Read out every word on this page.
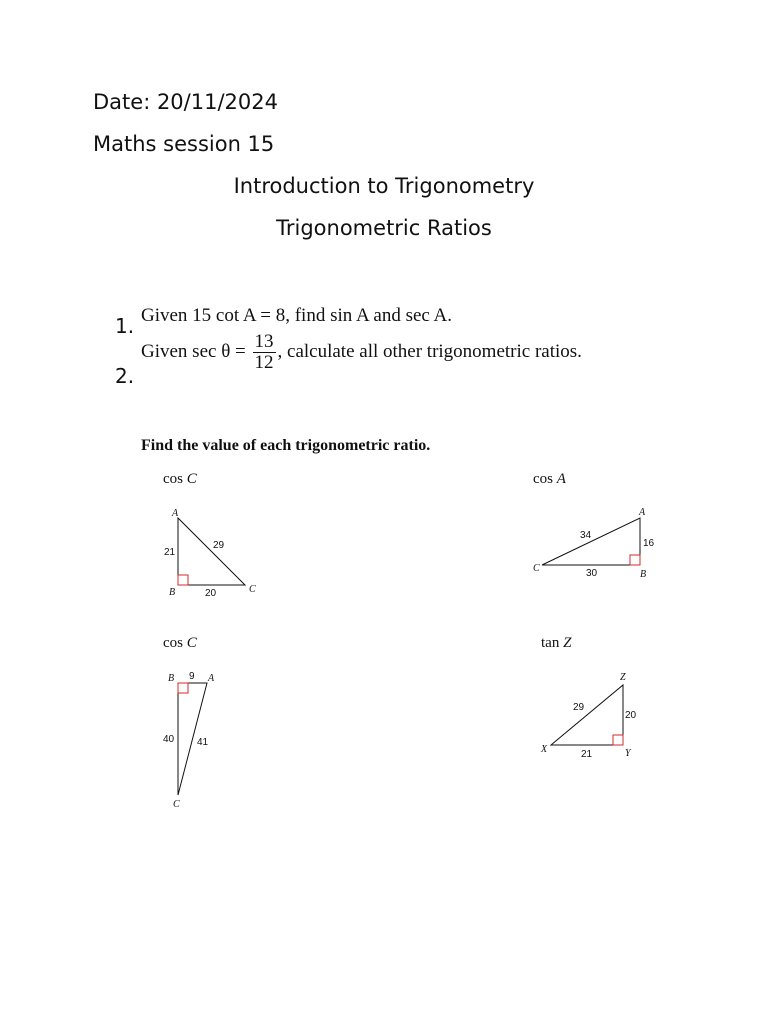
Date: 20/11/2024
Maths session 15
Introduction to Trigonometry
Trigonometric Ratios
1. Given 15 cot A = 8, find sin A and sec A.
2.
Given $\sec \theta = \frac{13}{12}$ , calculate all other trigonometric ratios.
Find the value of each trigonometric ratio.
cos C
A
B	C
21
29
20
cos A
A
C
B
34
16
30
cos C
B	A
C
9
40 41
tan Z
Z
X	Y
29
20
21
